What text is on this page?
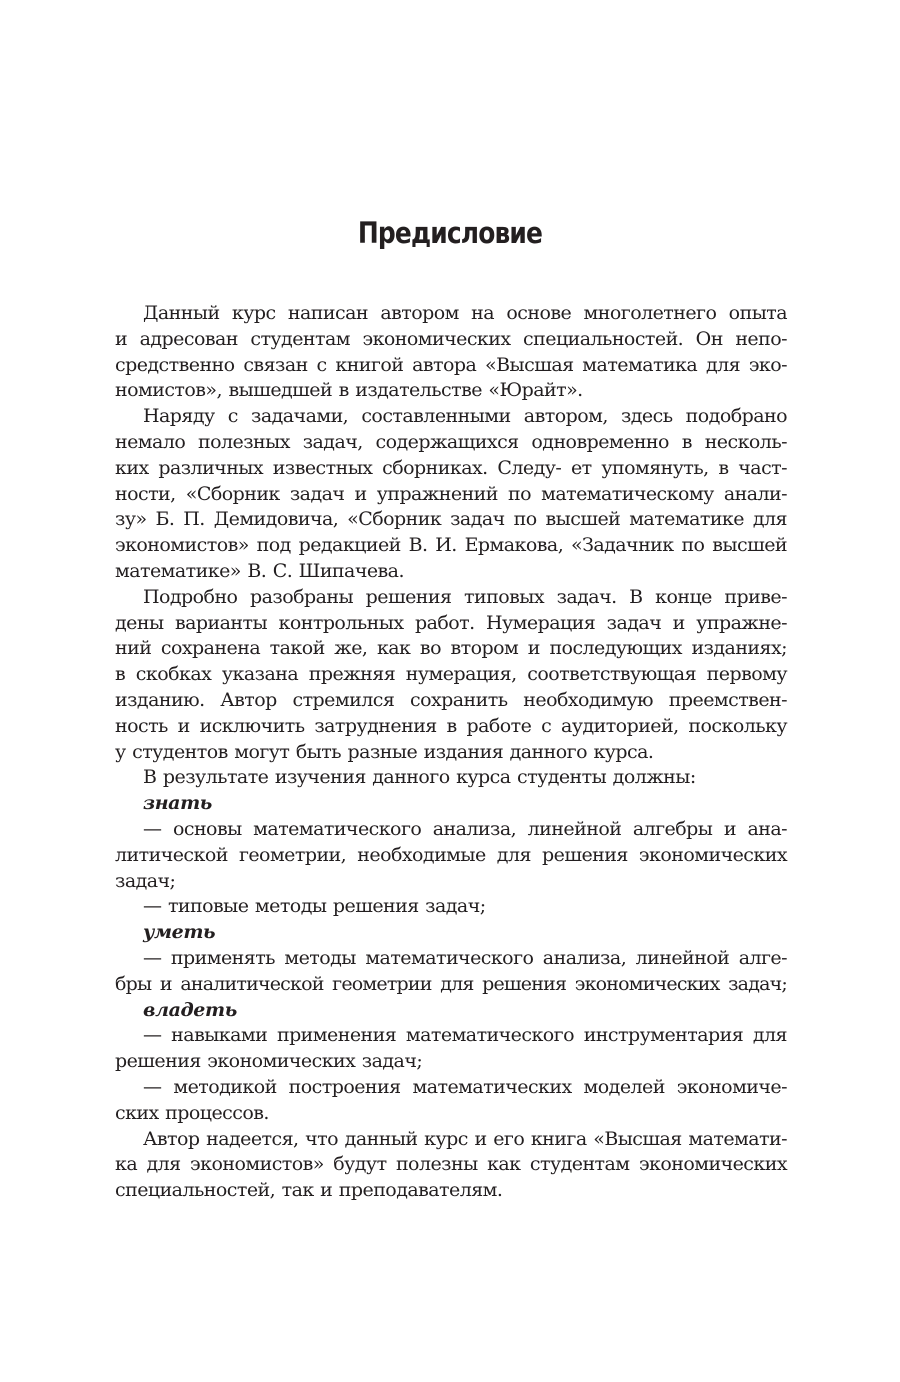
Предисловие

Данный курс написан автором на основе многолетнего опыта
и адресован студентам экономических специальностей. Он непо-
средственно связан с книгой автора «Высшая математика для эко-
номистов», вышедшей в издательстве «Юрайт».

Наряду с задачами, составленными автором, здесь подобрано
немало полезных задач, содержащихся одновременно в несколь-
ких различных известных сборниках. Следу- ет упомянуть, в част-
ности, «Сборник задач и упражнений по математическому анали-
зу» Б. П. Демидовича, «Сборник задач по высшей математике для
экономистов» под редакцией В. И. Ермакова, «Задачник по высшей
математике» В. С. Шипачева.

Подробно разобраны решения типовых задач. В конце приве-
дены варианты контрольных работ. Нумерация задач и упражне-
ний сохранена такой же, как во втором и последующих изданиях;
в скобках указана прежняя нумерация, соответствующая первому
изданию. Автор стремился сохранить необходимую преемствен-
ность и исключить затруднения в работе с аудиторией, поскольку
у студентов могут быть разные издания данного курса.

В результате изучения данного курса студенты должны:

знать

— основы математического анализа, линейной алгебры и ана-
литической геометрии, необходимые для решения экономических
задач;

— типовые методы решения задач;

уметь

— применять методы математического анализа, линейной алге-
бры и аналитической геометрии для решения экономических задач;

владеть

— навыками применения математического инструментария для
решения экономических задач;

— методикой построения математических моделей экономиче-
ских процессов.

Автор надеется, что данный курс и его книга «Высшая математи-
ка для экономистов» будут полезны как студентам экономических
специальностей, так и преподавателям.
